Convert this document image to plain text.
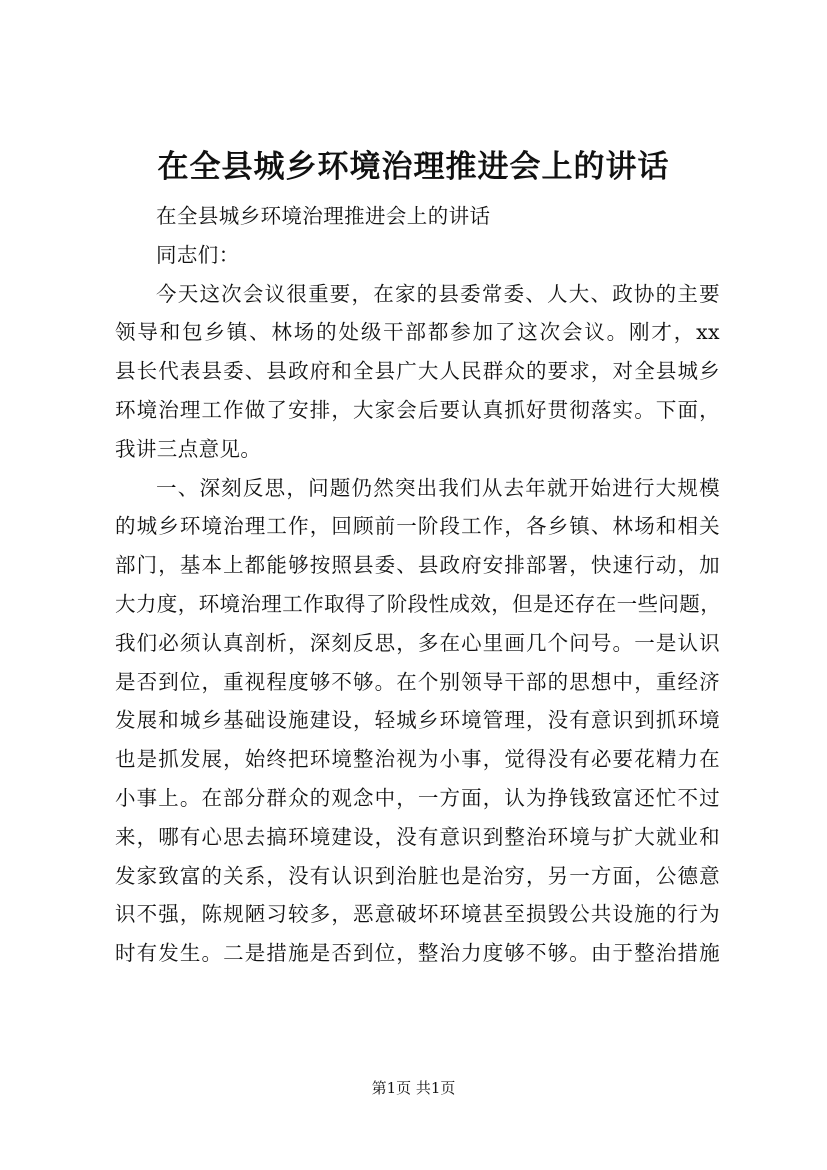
在全县城乡环境治理推进会上的讲话
在全县城乡环境治理推进会上的讲话
同志们：
今天这次会议很重要，在家的县委常委、人大、政协的主要
领导和包乡镇、林场的处级干部都参加了这次会议。刚才，xx
县长代表县委、县政府和全县广大人民群众的要求，对全县城乡
环境治理工作做了安排，大家会后要认真抓好贯彻落实。下面，
我讲三点意见。
一、深刻反思，问题仍然突出我们从去年就开始进行大规模
的城乡环境治理工作，回顾前一阶段工作，各乡镇、林场和相关
部门，基本上都能够按照县委、县政府安排部署，快速行动，加
大力度，环境治理工作取得了阶段性成效，但是还存在一些问题，
我们必须认真剖析，深刻反思，多在心里画几个问号。一是认识
是否到位，重视程度够不够。在个别领导干部的思想中，重经济
发展和城乡基础设施建设，轻城乡环境管理，没有意识到抓环境
也是抓发展，始终把环境整治视为小事，觉得没有必要花精力在
小事上。在部分群众的观念中，一方面，认为挣钱致富还忙不过
来，哪有心思去搞环境建设，没有意识到整治环境与扩大就业和
发家致富的关系，没有认识到治脏也是治穷，另一方面，公德意
识不强，陈规陋习较多，恶意破坏环境甚至损毁公共设施的行为
时有发生。二是措施是否到位，整治力度够不够。由于整治措施
第1页 共1页
